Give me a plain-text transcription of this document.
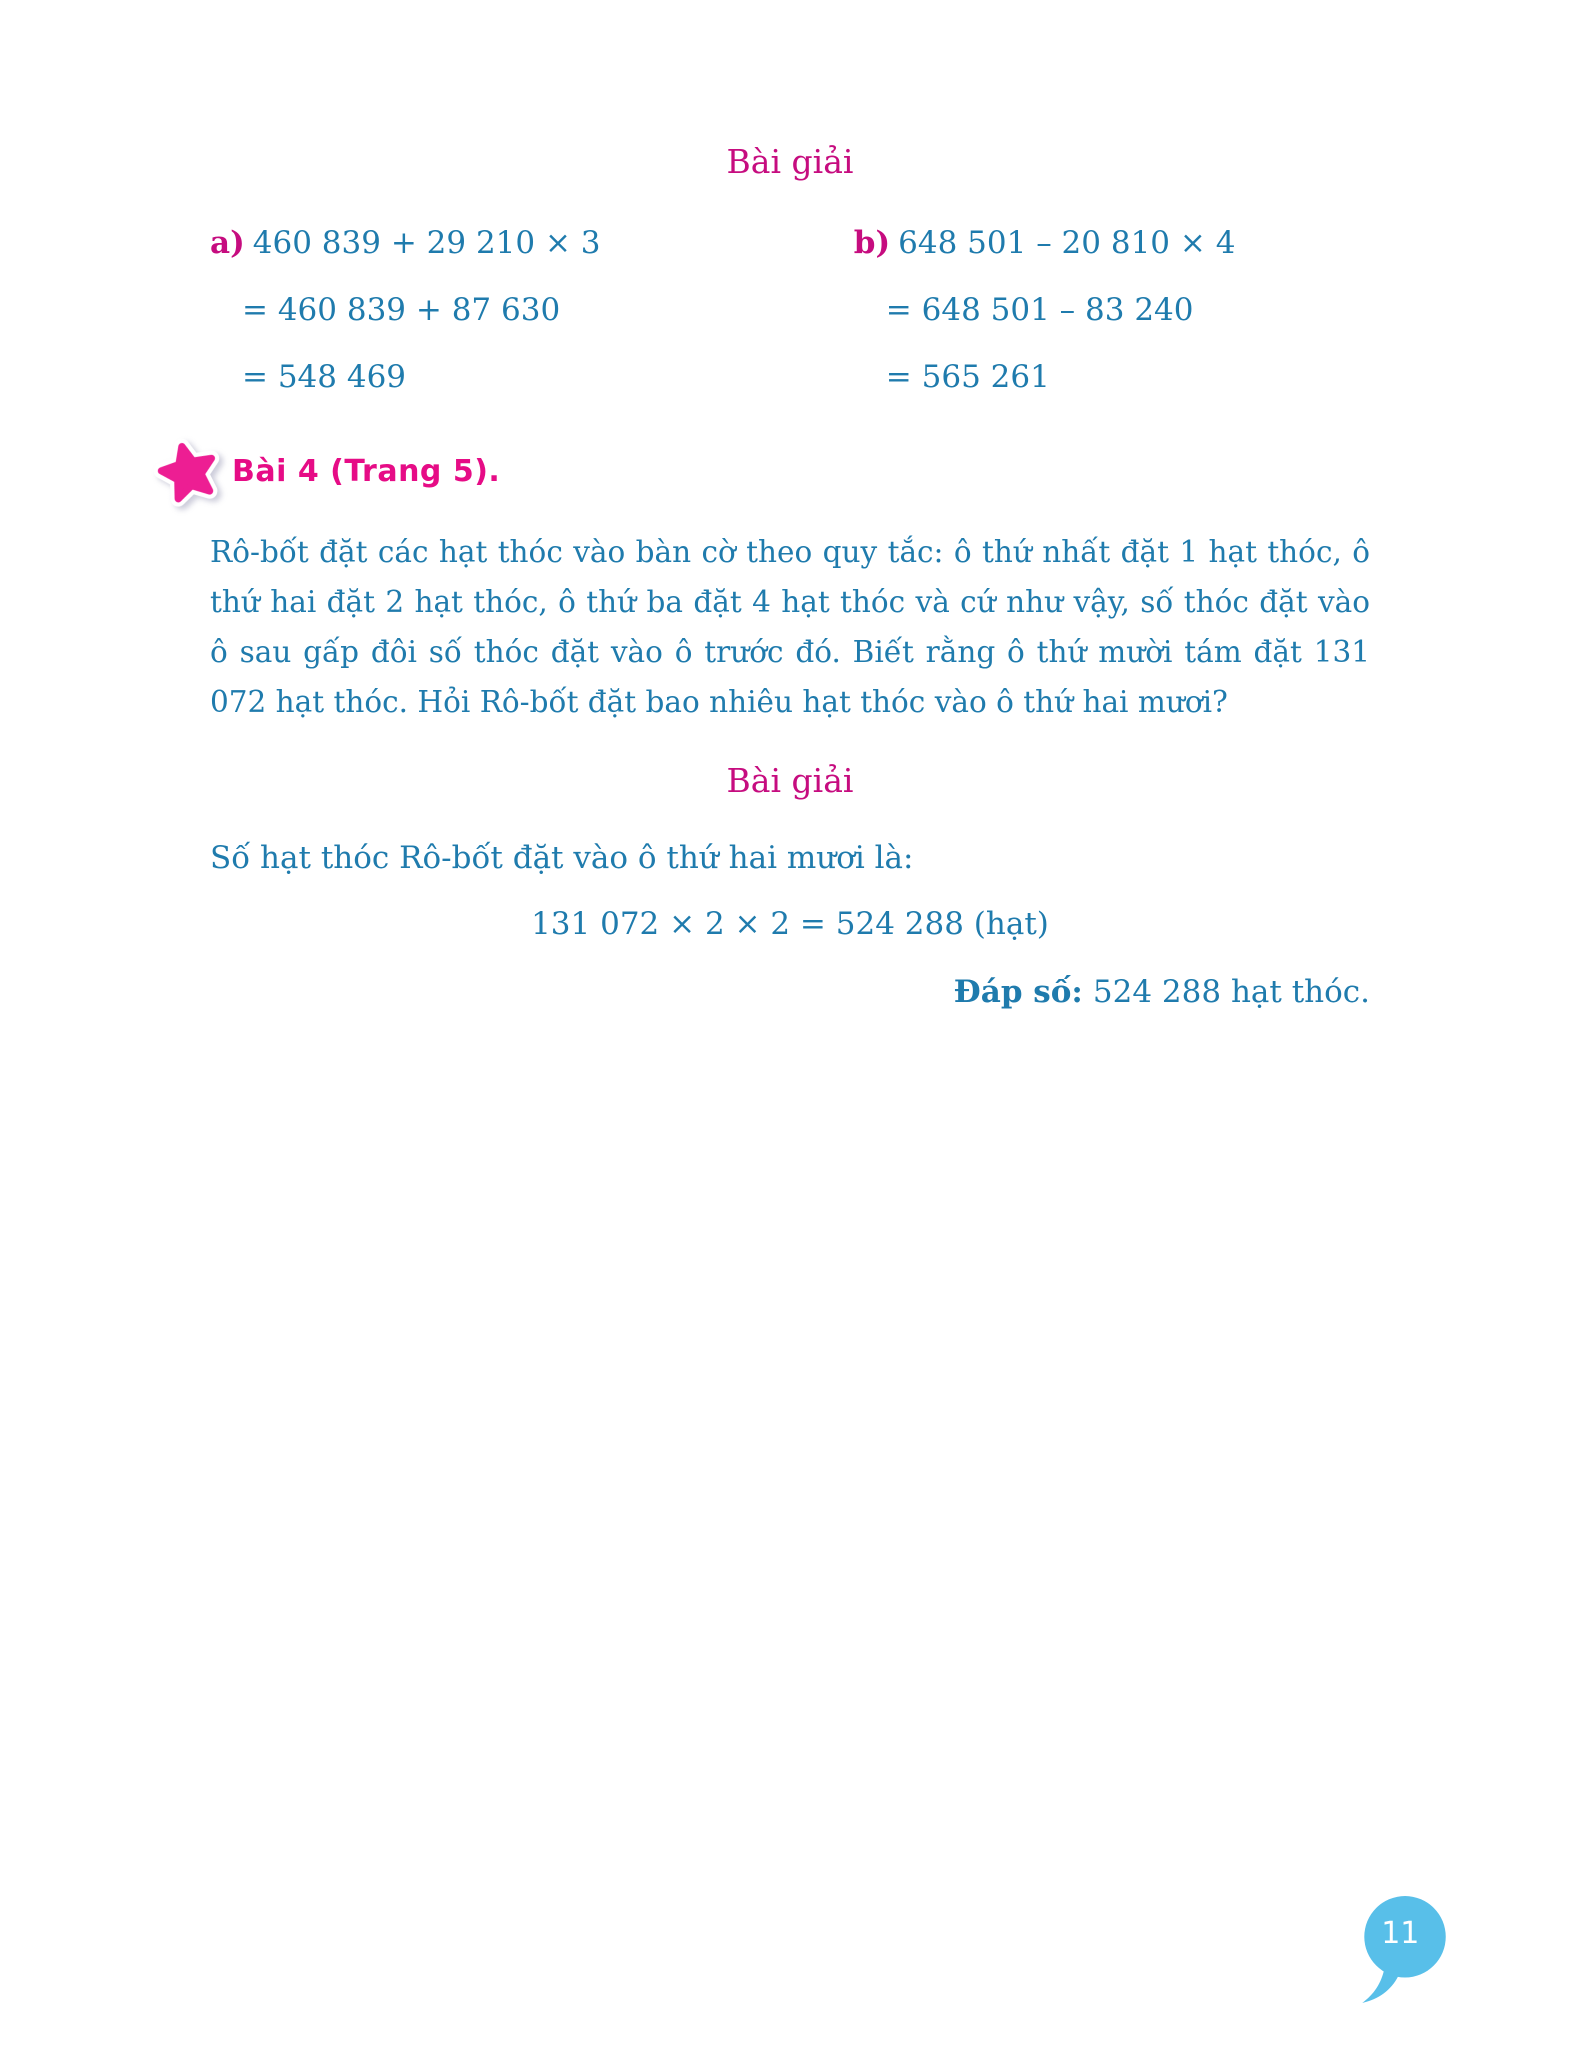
Bài giải
a) 460 839 + 29 210 × 3
= 460 839 + 87 630
= 548 469
b) 648 501 – 20 810 × 4
= 648 501 – 83 240
= 565 261
Bài 4 (Trang 5).

Rô-bốt đặt các hạt thóc vào bàn cờ theo quy tắc: ô thứ nhất đặt 1 hạt thóc, ô thứ hai đặt 2 hạt thóc, ô thứ ba đặt 4 hạt thóc và cứ như vậy, số thóc đặt vào ô sau gấp đôi số thóc đặt vào ô trước đó. Biết rằng ô thứ mười tám đặt 131 072 hạt thóc. Hỏi Rô-bốt đặt bao nhiêu hạt thóc vào ô thứ hai mươi?

Bài giải

Số hạt thóc Rô-bốt đặt vào ô thứ hai mươi là:

131 072 × 2 × 2 = 524 288 (hạt)
Đáp số: 524 288 hạt thóc.
11
